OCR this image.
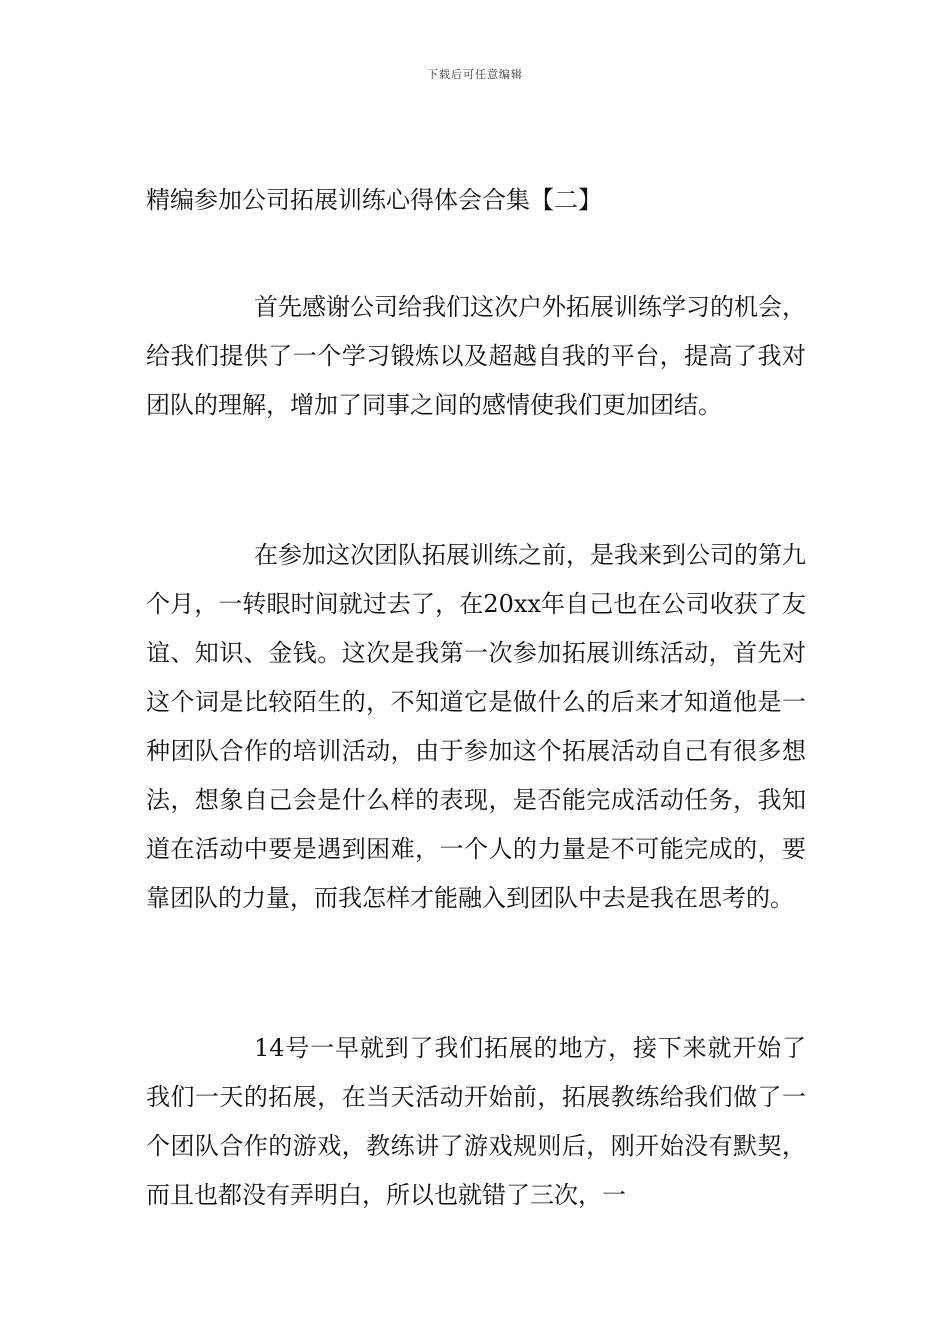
下载后可任意编辑
精编参加公司拓展训练心得体会合集【二】

首先感谢公司给我们这次户外拓展训练学习的机会，给我们提供了一个学习锻炼以及超越自我的平台，提高了我对团队的理解，增加了同事之间的感情使我们更加团结。

在参加这次团队拓展训练之前，是我来到公司的第九个月，一转眼时间就过去了，在20xx年自己也在公司收获了友谊、知识、金钱。这次是我第一次参加拓展训练活动，首先对这个词是比较陌生的，不知道它是做什么的后来才知道他是一种团队合作的培训活动，由于参加这个拓展活动自己有很多想法，想象自己会是什么样的表现，是否能完成活动任务，我知道在活动中要是遇到困难，一个人的力量是不可能完成的，要靠团队的力量，而我怎样才能融入到团队中去是我在思考的。

14号一早就到了我们拓展的地方，接下来就开始了我们一天的拓展，在当天活动开始前，拓展教练给我们做了一个团队合作的游戏，教练讲了游戏规则后，刚开始没有默契，而且也都没有弄明白，所以也就错了三次，一
